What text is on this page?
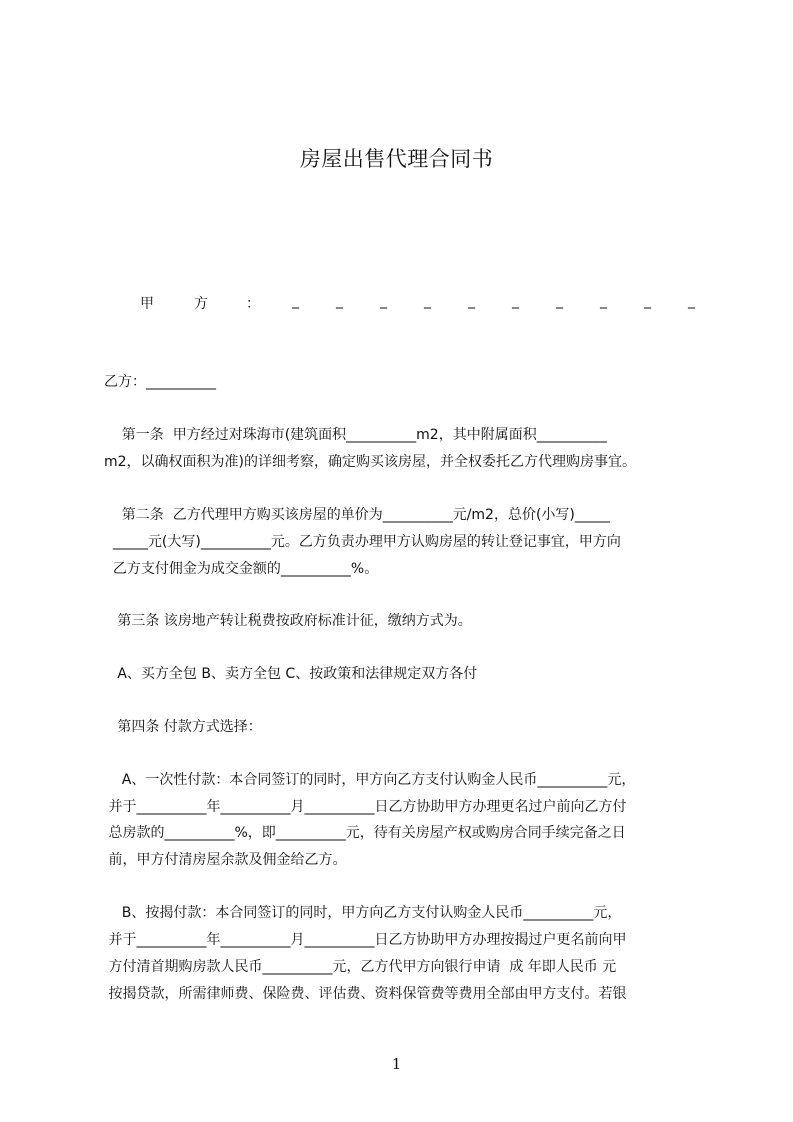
房屋出售代理合同书
甲	方	： _	_	_	_	_	_	_	_	_	_
乙方：__________
第一条  甲方经过对珠海市(建筑面积__________m2，其中附属面积__________
m2，以确权面积为准)的详细考察，确定购买该房屋，并全权委托乙方代理购房事宜。
第二条  乙方代理甲方购买该房屋的单价为__________元/m2，总价(小写)_____
_____元(大写)__________元。乙方负责办理甲方认购房屋的转让登记事宜，甲方向
乙方支付佣金为成交金额的__________%。
第三条 该房地产转让税费按政府标准计征，缴纳方式为。
A、买方全包 B、卖方全包 C、按政策和法律规定双方各付
第四条 付款方式选择：
A、一次性付款：本合同签订的同时，甲方向乙方支付认购金人民币__________元，
并于__________年__________月__________日乙方协助甲方办理更名过户前向乙方付
总房款的__________%，即__________元，待有关房屋产权或购房合同手续完备之日
前，甲方付清房屋余款及佣金给乙方。
B、按揭付款：本合同签订的同时，甲方向乙方支付认购金人民币__________元，
并于__________年__________月__________日乙方协助甲方办理按揭过户更名前向甲
方付清首期购房款人民币__________元，乙方代甲方向银行申请  成 年即人民币 元
按揭贷款，所需律师费、保险费、评估费、资料保管费等费用全部由甲方支付。若银
1
